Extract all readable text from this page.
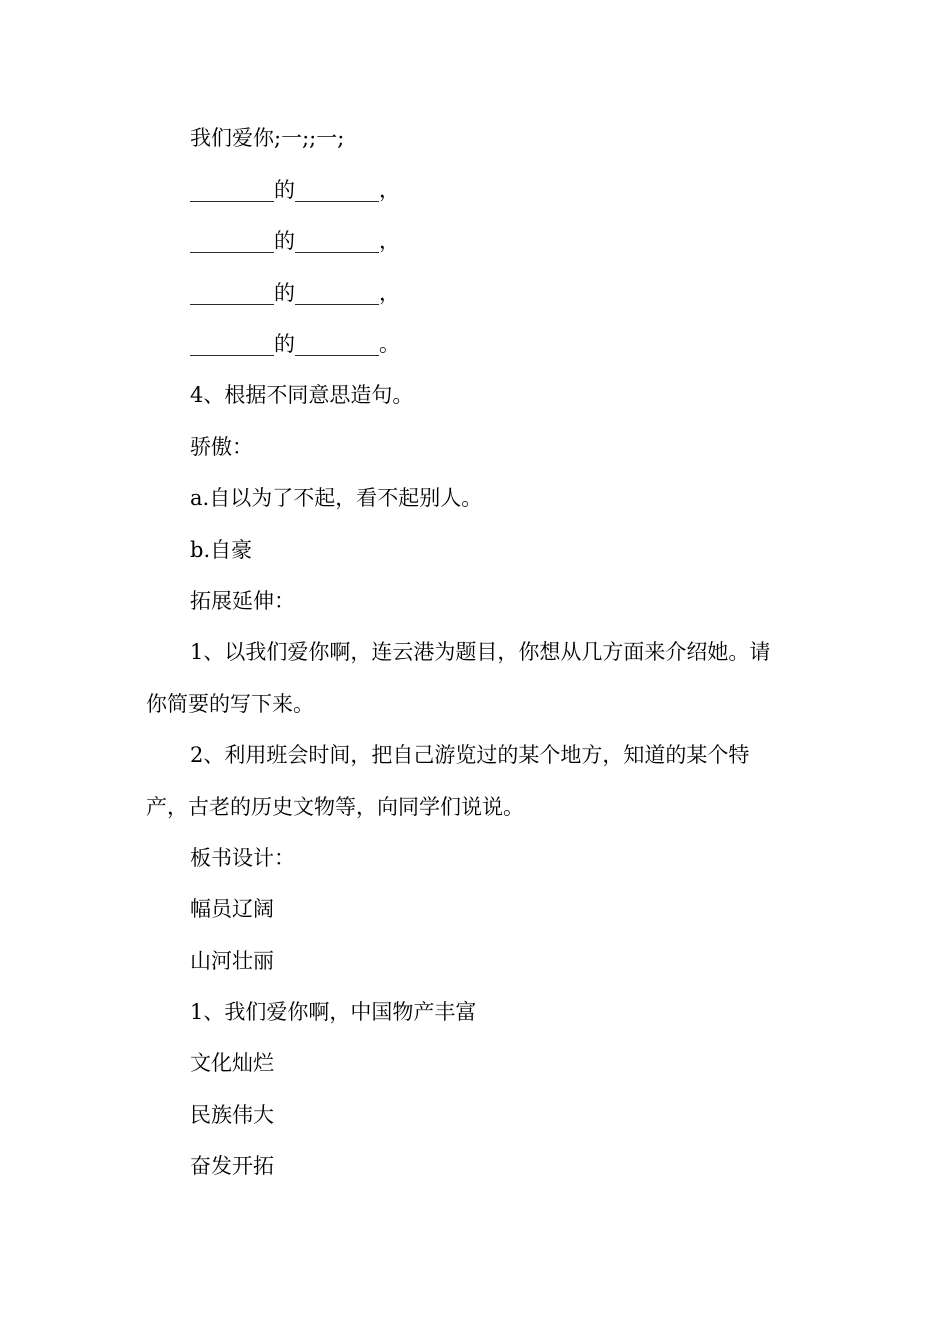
我们爱你;一;;一;
________的________，
________的________，
________的________，
________的________。
4、根据不同意思造句。
骄傲：
a.自以为了不起，看不起别人。
b.自豪
拓展延伸：
1、以我们爱你啊，连云港为题目，你想从几方面来介绍她。请
你简要的写下来。
2、利用班会时间，把自己游览过的某个地方，知道的某个特
产，古老的历史文物等，向同学们说说。
板书设计：
幅员辽阔
山河壮丽
1、我们爱你啊，中国物产丰富
文化灿烂
民族伟大
奋发开拓
